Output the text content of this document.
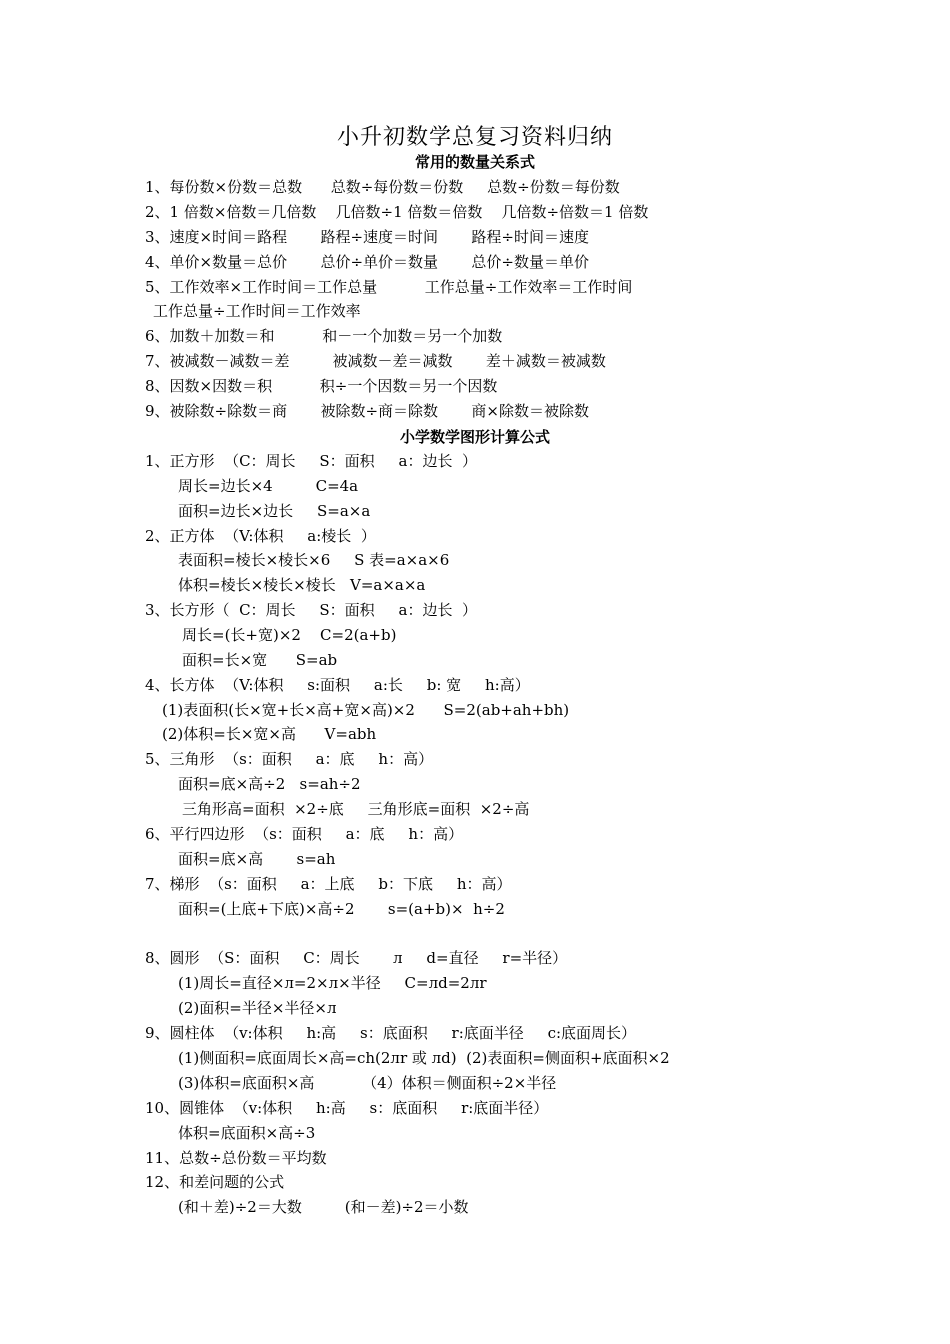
小升初数学总复习资料归纳
常用的数量关系式
1、每份数×份数＝总数      总数÷每份数＝份数     总数÷份数＝每份数
2、1 倍数×倍数＝几倍数    几倍数÷1 倍数＝倍数    几倍数÷倍数＝1 倍数
3、速度×时间＝路程       路程÷速度＝时间       路程÷时间＝速度
4、单价×数量＝总价       总价÷单价＝数量       总价÷数量＝单价
5、工作效率×工作时间＝工作总量          工作总量÷工作效率＝工作时间
工作总量÷工作时间＝工作效率
6、加数＋加数＝和          和－一个加数＝另一个加数
7、被减数－减数＝差         被减数－差＝减数       差＋减数＝被减数
8、因数×因数＝积          积÷一个因数＝另一个因数
9、被除数÷除数＝商       被除数÷商＝除数       商×除数＝被除数
小学数学图形计算公式
1、正方形  （C：周长     S：面积     a：边长  ）
周长=边长×4         C=4a
面积=边长×边长     S=a×a
2、正方体  （V:体积     a:棱长  ）
表面积=棱长×棱长×6     S 表=a×a×6
体积=棱长×棱长×棱长   V=a×a×a
3、长方形（  C：周长     S：面积     a：边长  ）
周长=(长+宽)×2    C=2(a+b)
面积=长×宽      S=ab
4、长方体  （V:体积     s:面积     a:长     b: 宽     h:高）
(1)表面积(长×宽+长×高+宽×高)×2      S=2(ab+ah+bh)
(2)体积=长×宽×高      V=abh
5、三角形  （s：面积     a：底     h：高）
面积=底×高÷2   s=ah÷2
三角形高=面积  ×2÷底     三角形底=面积  ×2÷高
6、平行四边形  （s：面积     a：底     h：高）
面积=底×高       s=ah
7、梯形  （s：面积     a：上底     b：下底     h：高）
面积=(上底+下底)×高÷2       s=(a+b)×  h÷2
8、圆形  （S：面积     C：周长       л     d=直径     r=半径）
(1)周长=直径×л=2×л×半径     C=лd=2лr
(2)面积=半径×半径×л
9、圆柱体  （v:体积     h:高     s：底面积     r:底面半径     c:底面周长）
(1)侧面积=底面周长×高=ch(2лr 或 лd)  (2)表面积=侧面积+底面积×2
(3)体积=底面积×高          （4）体积＝侧面积÷2×半径
10、圆锥体  （v:体积     h:高     s：底面积     r:底面半径）
体积=底面积×高÷3
11、总数÷总份数＝平均数
12、和差问题的公式
(和＋差)÷2＝大数         (和－差)÷2＝小数
